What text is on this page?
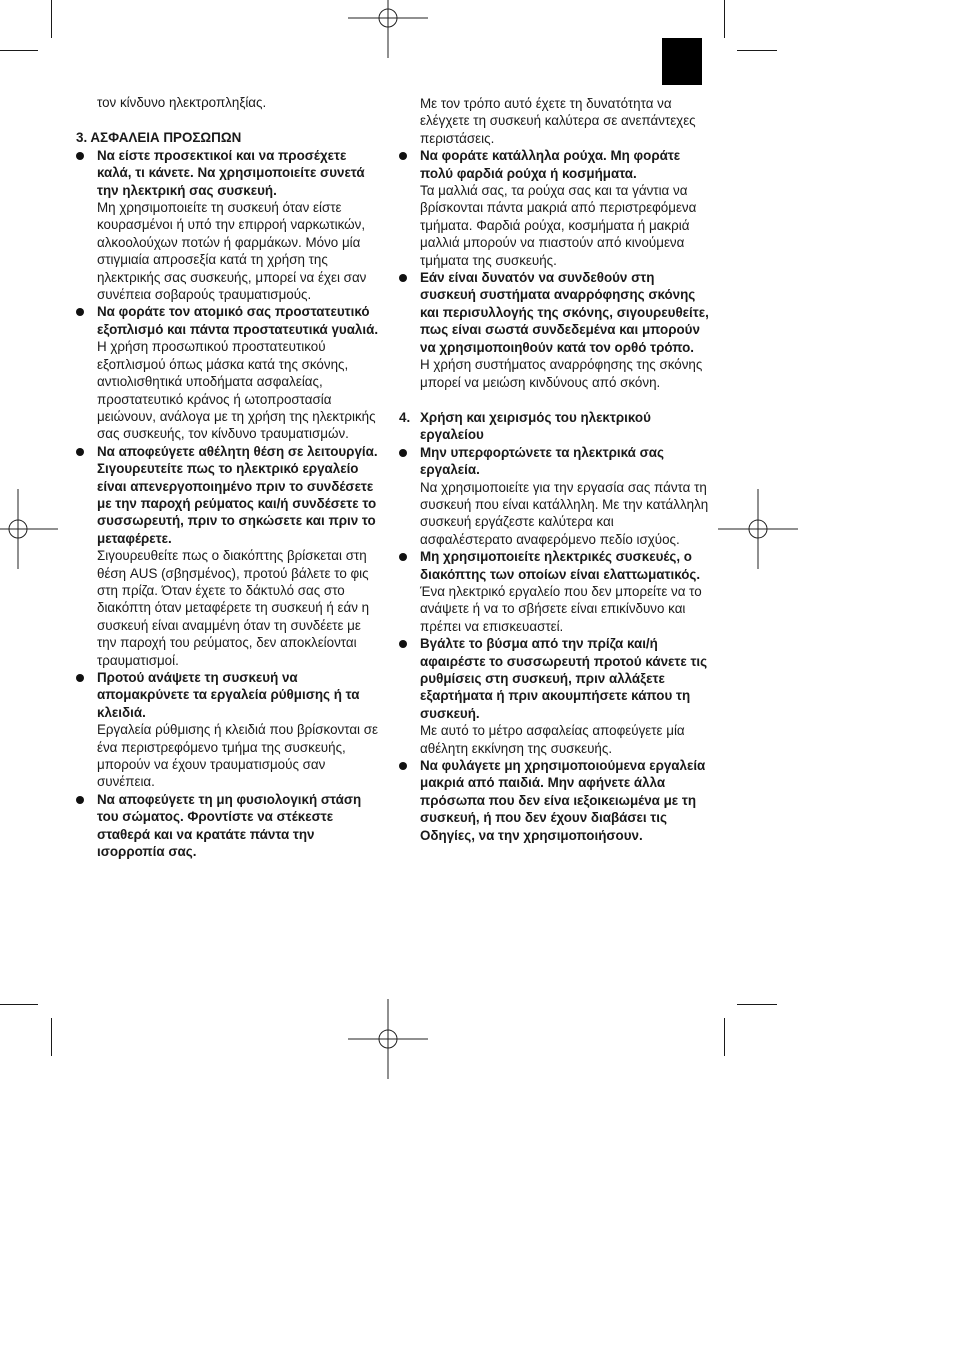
τον κίνδυνο ηλεκτροπληξίας.

3. ΑΣΦΑΛΕΙΑ ΠΡΟΣΩΠΩΝ

Να είστε προσεκτικοί και να προσέχετε καλά, τι κάνετε. Να χρησιμοποιείτε συνετά την ηλεκτρική σας συσκευή.

Μη χρησιμοποιείτε τη συσκευή όταν είστε κουρασμένοι ή υπό την επιρροή ναρκωτικών, αλκοολούχων ποτών ή φαρμάκων. Μόνο μία στιγμιαία απροσεξία κατά τη χρήση της ηλεκτρικής σας συσκευής, μπορεί να έχει σαν συνέπεια σοβαρούς τραυματισμούς.

Να φοράτε τον ατομικό σας προστατευτικό εξοπλισμό και πάντα προστατευτικά γυαλιά.

Η χρήση προσωπικού προστατευτικού εξοπλισμού όπως μάσκα κατά της σκόνης, αντιολισθητικά υποδήματα ασφαλείας, προστατευτικό κράνος ή ωτοπροστασία μειώνουν, ανάλογα με τη χρήση της ηλεκτρικής σας συσκευής, τον κίνδυνο τραυματισμών.

Να αποφεύγετε αθέλητη θέση σε λειτουργία. Σιγουρευτείτε πως το ηλεκτρικό εργαλείο είναι απενεργοποιημένο πριν το συνδέσετε με την παροχή ρεύματος και/ή συνδέσετε το συσσωρευτή, πριν το σηκώσετε και πριν το μεταφέρετε.

Σιγουρευθείτε πως ο διακόπτης βρίσκεται στη θέση AUS (σβησμένος), προτού βάλετε το φις στη πρίζα. Όταν έχετε το δάκτυλό σας στο διακόπτη όταν μεταφέρετε τη συσκευή ή εάν η συσκευή είναι αναμμένη όταν τη συνδέετε με την παροχή του ρεύματος, δεν αποκλείονται τραυματισμοί.

Προτού ανάψετε τη συσκευή να απομακρύνετε τα εργαλεία ρύθμισης ή τα κλειδιά.

Εργαλεία ρύθμισης ή κλειδιά που βρίσκονται σε ένα περιστρεφόμενο τμήμα της συσκευής, μπορούν να έχουν τραυματισμούς σαν συνέπεια.

Να αποφεύγετε τη μη φυσιολογική στάση του σώματος. Φροντίστε να στέκεστε σταθερά και να κρατάτε πάντα την ισορροπία σας.

Με τον τρόπο αυτό έχετε τη δυνατότητα να ελέγχετε τη συσκευή καλύτερα σε ανεπάντεχες περιστάσεις.

Να φοράτε κατάλληλα ρούχα. Μη φοράτε πολύ φαρδιά ρούχα ή κοσμήματα.

Τα μαλλιά σας, τα ρούχα σας και τα γάντια να βρίσκονται πάντα μακριά από περιστρεφόμενα τμήματα. Φαρδιά ρούχα, κοσμήματα ή μακριά μαλλιά μπορούν να πιαστούν από κινούμενα τμήματα της συσκευής.

Εάν είναι δυνατόν να συνδεθούν στη συσκευή συστήματα αναρρόφησης σκόνης και περισυλλογής της σκόνης, σιγουρευθείτε, πως είναι σωστά συνδεδεμένα και μπορούν να χρησιμοποιηθούν κατά τον ορθό τρόπο.

Η χρήση συστήματος αναρρόφησης της σκόνης μπορεί να μειώση κινδύνους από σκόνη.

4. Χρήση και χειρισμός του ηλεκτρικού εργαλείου

Μην υπερφορτώνετε τα ηλεκτρικά σας εργαλεία.

Να χρησιμοποιείτε για την εργασία σας πάντα τη συσκευή που είναι κατάλληλη. Με την κατάλληλη συσκευή εργάζεστε καλύτερα και ασφαλέστερατο αναφερόμενο πεδίο ισχύος.

Μη χρησιμοποιείτε ηλεκτρικές συσκευές, ο διακόπτης των οποίων είναι ελαττωματικός.

Ένα ηλεκτρικό εργαλείο που δεν μπορείτε να το ανάψετε ή να το σβήσετε είναι επικίνδυνο και πρέπει να επισκευαστεί.

Βγάλτε το βύσμα από την πρίζα και/ή αφαιρέστε το συσσωρευτή προτού κάνετε τις ρυθμίσεις στη συσκευή, πριν αλλάξετε εξαρτήματα ή πριν ακουμπήσετε κάπου τη συσκευή.

Με αυτό το μέτρο ασφαλείας αποφεύγετε μία αθέλητη εκκίνηση της συσκευής.

Να φυλάγετε μη χρησιμοποιούμενα εργαλεία μακριά από παιδιά. Μην αφήνετε άλλα πρόσωπα που δεν είνα ιεξοικειωμένα με τη συσκευή, ή που δεν έχουν διαβάσει τις Οδηγίες, να την χρησιμοποιήσουν.
